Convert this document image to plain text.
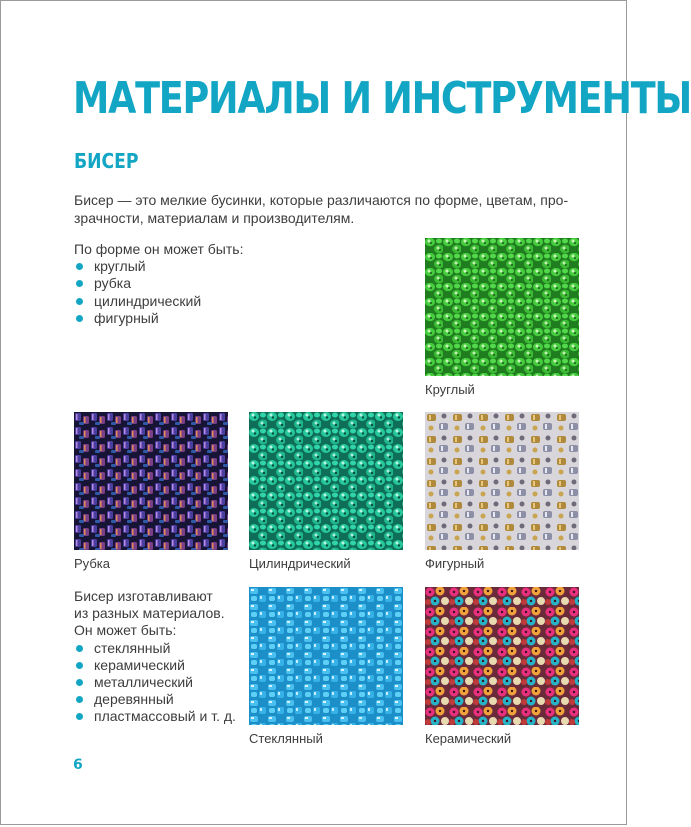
МАТЕРИАЛЫ И ИНСТРУМЕНТЫ
БИСЕР

Бисер — это мелкие бусинки, которые различаются по форме, цветам, про-
зрачности, материалам и производителям.

По форме он может быть:

круглый
рубка
цилиндрический
фигурный
Круглый
Рубка	Цилиндрический	Фигурный

Бисер изготавливают

из разных материалов.

Он может быть:

стеклянный
керамический
металлический
деревянный
пластмассовый и т. д.
Стеклянный	Керамический
6
